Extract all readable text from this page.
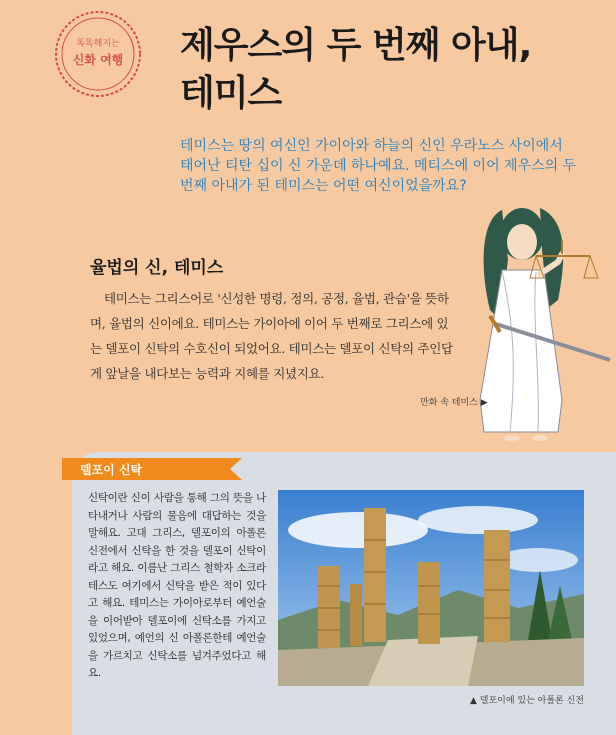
똑똑해지는
신화 여행 제우스의 두 번째 아내,
테미스

테미스는 땅의 여신인 가이아와 하늘의 신인 우라노스 사이에서 태어난 티탄 십이 신 가운데 하나예요. 메티스에 이어 제우스의 두 번째 아내가 된 테미스는 어떤 여신이었을까요?

율법의 신, 테미스

테미스는 그리스어로 '신성한 명령, 정의, 공정, 율법, 관습'을 뜻하며, 율법의 신이에요. 테미스는 가이아에 이어 두 번째로 그리스에 있는 델포이 신탁의 수호신이 되었어요. 테미스는 델포이 신탁의 주인답게 앞날을 내다보는 능력과 지혜를 지녔지요.

만화 속 테미스 ▶

델포이 신탁

신탁이란 신이 사람을 통해 그의 뜻을 나타내거나 사람의 물음에 대답하는 것을 말해요. 고대 그리스, 델포이의 아폴론 신전에서 신탁을 한 것을 델포이 신탁이라고 해요. 이름난 그리스 철학자 소크라테스도 여기에서 신탁을 받은 적이 있다고 해요. 테미스는 가이아로부터 예언술을 이어받아 델포이에 신탁소를 가지고 있었으며, 예언의 신 아폴론한테 예언술을 가르치고 신탁소를 넘겨주었다고 해요.

▲ 델포이에 있는 아폴론 신전
